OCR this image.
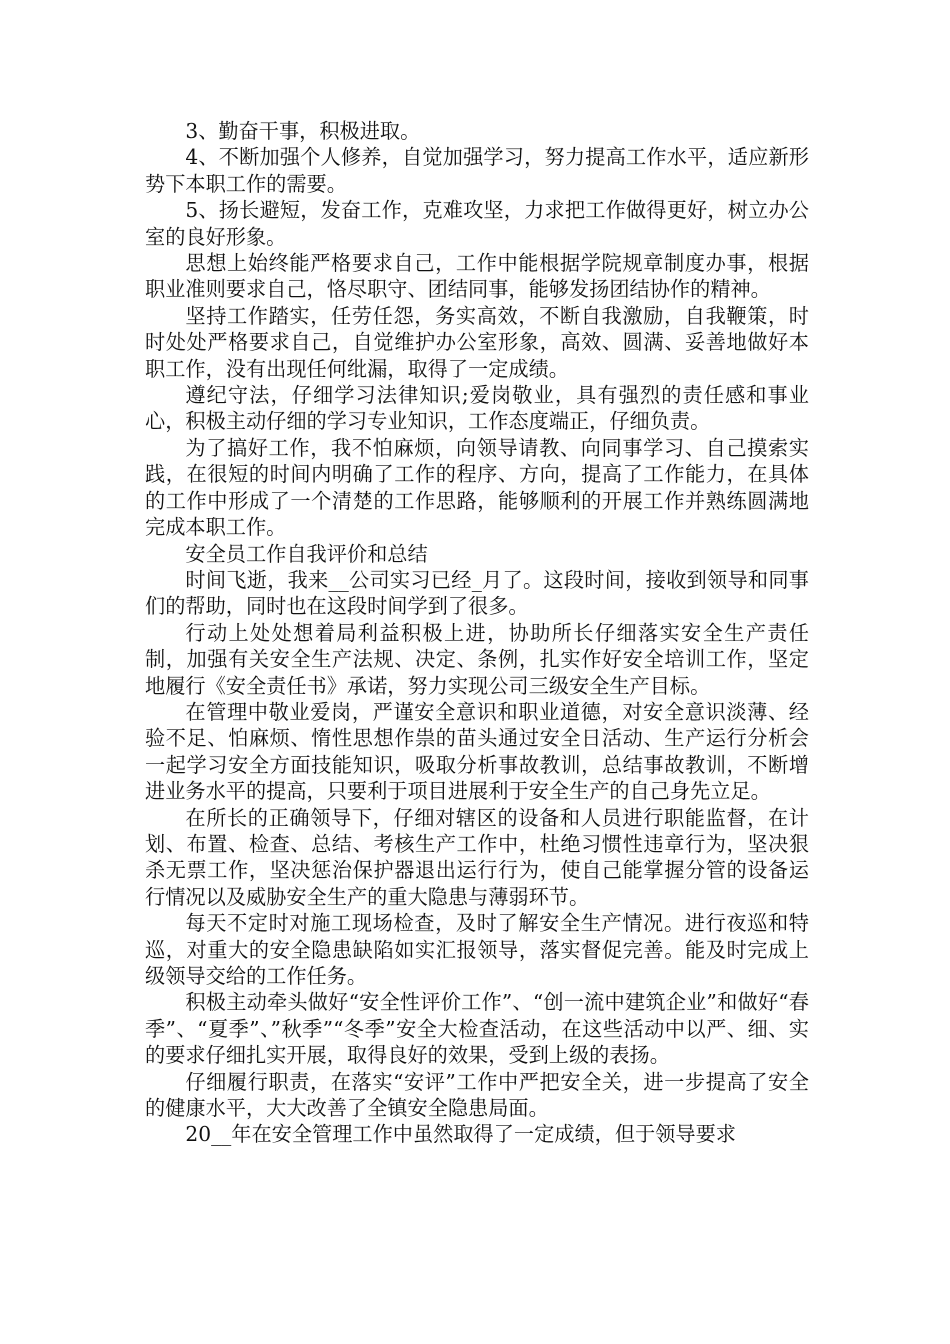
3、勤奋干事，积极进取。

4、不断加强个人修养，自觉加强学习，努力提高工作水平，适应新形势下本职工作的需要。

5、扬长避短，发奋工作，克难攻坚，力求把工作做得更好，树立办公室的良好形象。

思想上始终能严格要求自己，工作中能根据学院规章制度办事，根据职业准则要求自己，恪尽职守、团结同事，能够发扬团结协作的精神。

坚持工作踏实，任劳任怨，务实高效，不断自我激励，自我鞭策，时时处处严格要求自己，自觉维护办公室形象，高效、圆满、妥善地做好本职工作，没有出现任何纰漏，取得了一定成绩。

遵纪守法，仔细学习法律知识;爱岗敬业，具有强烈的责任感和事业心，积极主动仔细的学习专业知识，工作态度端正，仔细负责。

为了搞好工作，我不怕麻烦，向领导请教、向同事学习、自己摸索实践，在很短的时间内明确了工作的程序、方向，提高了工作能力，在具体的工作中形成了一个清楚的工作思路，能够顺利的开展工作并熟练圆满地完成本职工作。

安全员工作自我评价和总结

时间飞逝，我来__公司实习已经_月了。这段时间，接收到领导和同事们的帮助，同时也在这段时间学到了很多。

行动上处处想着局利益积极上进，协助所长仔细落实安全生产责任制，加强有关安全生产法规、决定、条例，扎实作好安全培训工作，坚定地履行《安全责任书》承诺，努力实现公司三级安全生产目标。

在管理中敬业爱岗，严谨安全意识和职业道德，对安全意识淡薄、经验不足、怕麻烦、惰性思想作祟的苗头通过安全日活动、生产运行分析会一起学习安全方面技能知识，吸取分析事故教训，总结事故教训，不断增进业务水平的提高，只要利于项目进展利于安全生产的自己身先立足。

在所长的正确领导下，仔细对辖区的设备和人员进行职能监督，在计划、布置、检查、总结、考核生产工作中，杜绝习惯性违章行为，坚决狠杀无票工作，坚决惩治保护器退出运行行为，使自己能掌握分管的设备运行情况以及威胁安全生产的重大隐患与薄弱环节。

每天不定时对施工现场检查，及时了解安全生产情况。进行夜巡和特巡，对重大的安全隐患缺陷如实汇报领导，落实督促完善。能及时完成上级领导交给的工作任务。

积极主动牵头做好“安全性评价工作”、“创一流中建筑企业”和做好“春季”、“夏季”、”秋季”“冬季”安全大检查活动，在这些活动中以严、细、实的要求仔细扎实开展，取得良好的效果，受到上级的表扬。

仔细履行职责，在落实“安评”工作中严把安全关，进一步提高了安全的健康水平，大大改善了全镇安全隐患局面。

20__年在安全管理工作中虽然取得了一定成绩，但于领导要求
